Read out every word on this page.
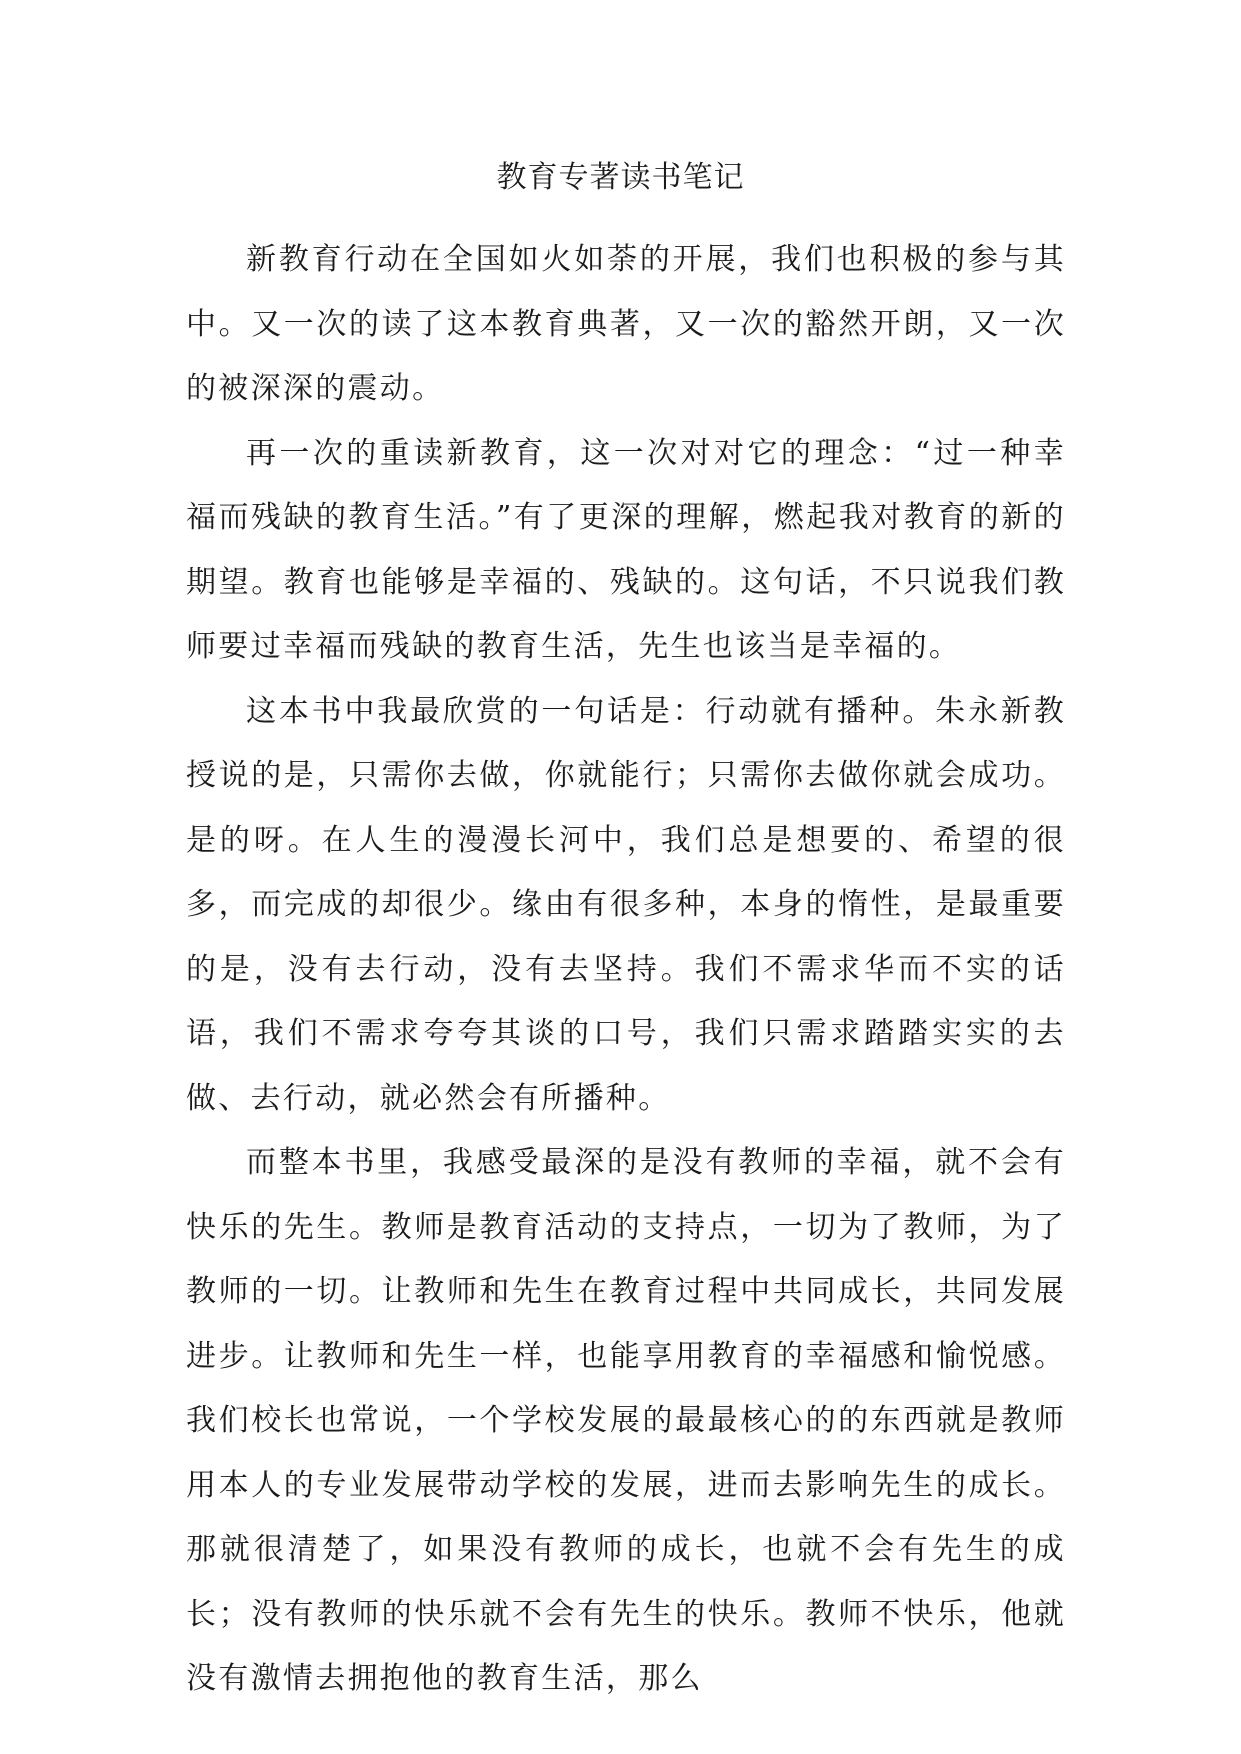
教育专著读书笔记

新教育行动在全国如火如荼的开展，我们也积极的参与其中。又一次的读了这本教育典著，又一次的豁然开朗，又一次的被深深的震动。

再一次的重读新教育，这一次对对它的理念：“过一种幸福而残缺的教育生活。”有了更深的理解，燃起我对教育的新的期望。教育也能够是幸福的、残缺的。这句话，不只说我们教师要过幸福而残缺的教育生活，先生也该当是幸福的。

这本书中我最欣赏的一句话是：行动就有播种。朱永新教授说的是，只需你去做，你就能行；只需你去做你就会成功。是的呀。在人生的漫漫长河中，我们总是想要的、希望的很多，而完成的却很少。缘由有很多种，本身的惰性，是最重要的是，没有去行动，没有去坚持。我们不需求华而不实的话语，我们不需求夸夸其谈的口号，我们只需求踏踏实实的去做、去行动，就必然会有所播种。

而整本书里，我感受最深的是没有教师的幸福，就不会有快乐的先生。教师是教育活动的支持点，一切为了教师，为了教师的一切。让教师和先生在教育过程中共同成长，共同发展进步。让教师和先生一样，也能享用教育的幸福感和愉悦感。我们校长也常说，一个学校发展的最最核心的的东西就是教师用本人的专业发展带动学校的发展，进而去影响先生的成长。那就很清楚了，如果没有教师的成长，也就不会有先生的成长；没有教师的快乐就不会有先生的快乐。教师不快乐，他就没有激情去拥抱他的教育生活，那么
